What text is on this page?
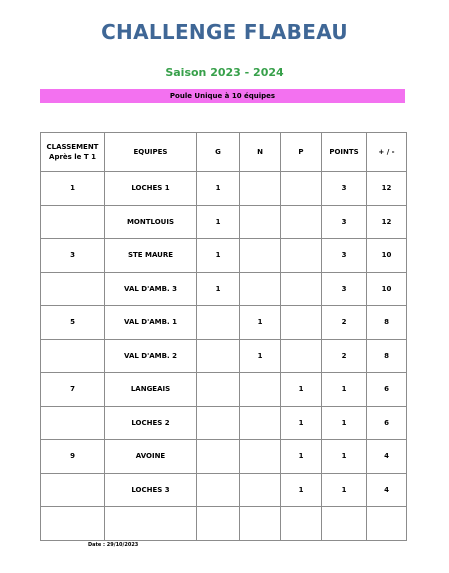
CHALLENGE FLABEAU
Saison 2023 - 2024
Poule Unique à 10 équipes
CLASSEMENT
Après le T 1	EQUIPES	G	N	P	POINTS	+ / -
1	LOCHES 1	1			3	12
	MONTLOUIS	1			3	12
3	STE MAURE	1			3	10
	VAL D'AMB. 3	1			3	10
5	VAL D'AMB. 1		1		2	8
	VAL D'AMB. 2		1		2	8
7	LANGEAIS			1	1	6
	LOCHES 2			1	1	6
9	AVOINE			1	1	4
	LOCHES 3			1	1	4

Date : 29/10/2023
